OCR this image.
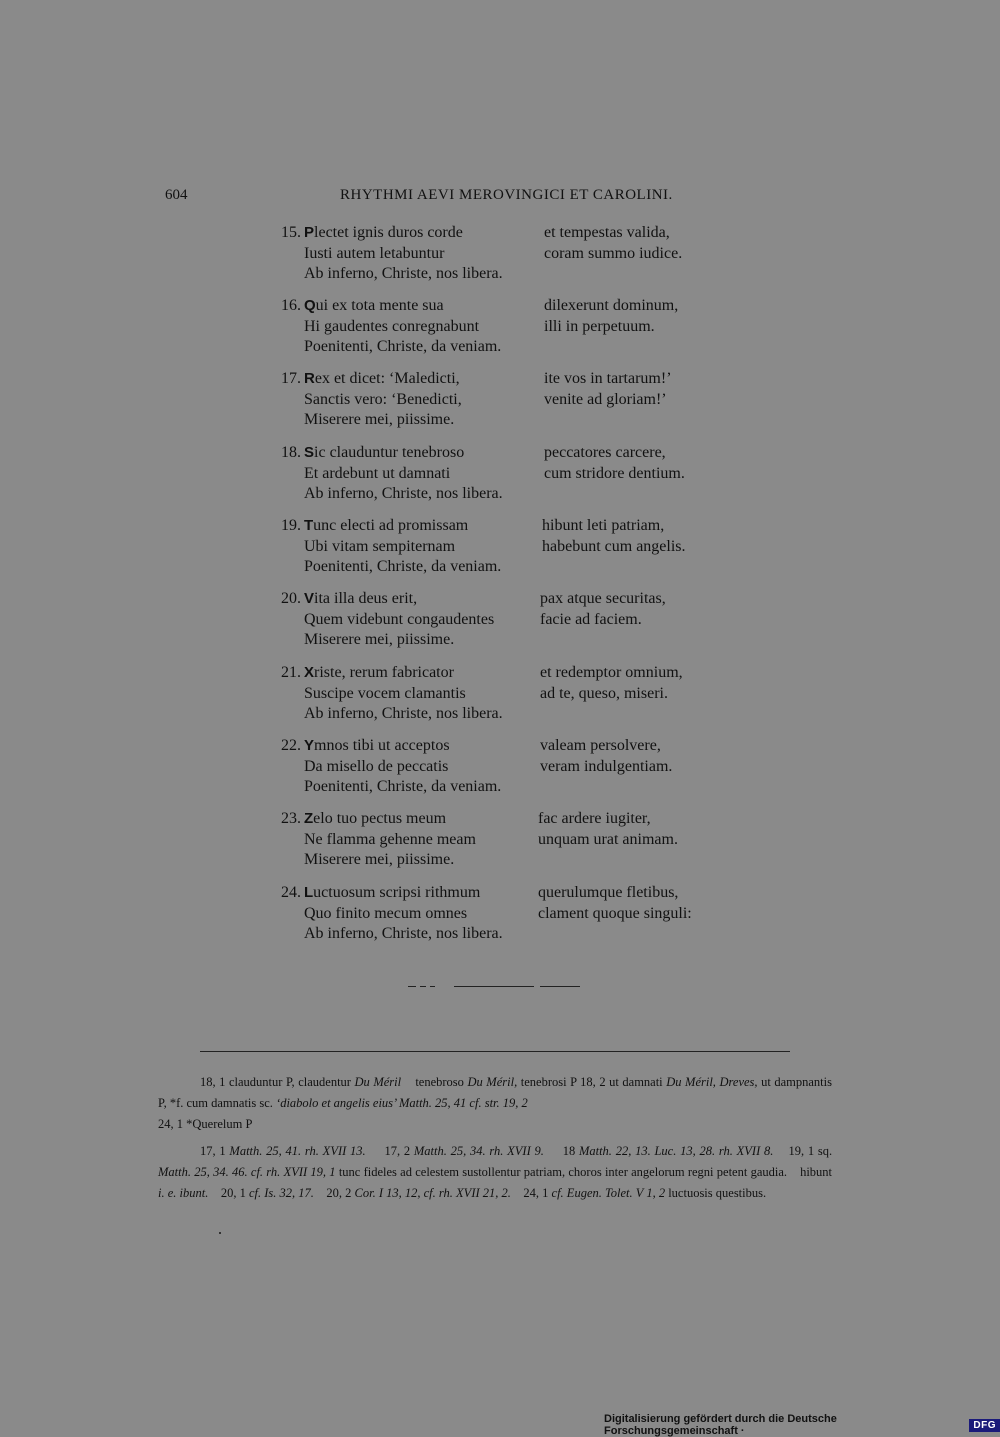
604	RHYTHMI AEVI MEROVINGICI ET CAROLINI.
15. Plectet ignis duros corde	et tempestas valida,
Iusti autem letabuntur	coram summo iudice.
Ab inferno, Christe, nos libera.
16. Qui ex tota mente sua	dilexerunt dominum,
Hi gaudentes conregnabunt	illi in perpetuum.
Poenitenti, Christe, da veniam.
17. Rex et dicet: ‘Maledicti,	ite vos in tartarum!’
Sanctis vero: ‘Benedicti,	venite ad gloriam!’
Miserere mei, piissime.
18. Sic clauduntur tenebroso	peccatores carcere,
Et ardebunt ut damnati	cum stridore dentium.
Ab inferno, Christe, nos libera.
19. Tunc electi ad promissam	hibunt leti patriam,
Ubi vitam sempiternam	habebunt cum angelis.
Poenitenti, Christe, da veniam.
20. Vita illa deus erit,	pax atque securitas,
Quem videbunt congaudentes	facie ad faciem.
Miserere mei, piissime.
21. Xriste, rerum fabricator	et redemptor omnium,
Suscipe vocem clamantis	ad te, queso, miseri.
Ab inferno, Christe, nos libera.
22. Ymnos tibi ut acceptos	valeam persolvere,
Da misello de peccatis	veram indulgentiam.
Poenitenti, Christe, da veniam.
23. Zelo tuo pectus meum	fac ardere iugiter,
Ne flamma gehenne meam	unquam urat animam.
Miserere mei, piissime.
24. Luctuosum scripsi rithmum	querulumque fletibus,
Quo finito mecum omnes	clament quoque singuli:
Ab inferno, Christe, nos libera.
18, 1 clauduntur P, claudentur Du Méril tenebroso Du Méril, tenebrosi P 18, 2 ut damnati Du Méril, Dreves, ut dampnantis P, *f. cum damnatis sc. ‘diabolo et angelis eius’ Matth. 25, 41 cf. str. 19, 2
24, 1 *Querelum P
17, 1 Matth. 25, 41. rh. XVII 13. 17, 2 Matth. 25, 34. rh. XVII 9. 18 Matth. 22, 13. Luc. 13, 28. rh. XVII 8. 19, 1 sq. Matth. 25, 34. 46. cf. rh. XVII 19, 1 tunc fideles ad celestem sustollentur patriam, choros inter angelorum regni petent gaudia. hibunt i. e. ibunt. 20, 1 cf. Is. 32, 17. 20, 2 Cor. I 13, 12, cf. rh. XVII 21, 2. 24, 1 cf. Eugen. Tolet. V 1, 2 luctuosis questibus.
Digitalisierung gefördert durch die Deutsche Forschungsgemeinschaft ·	DFG
